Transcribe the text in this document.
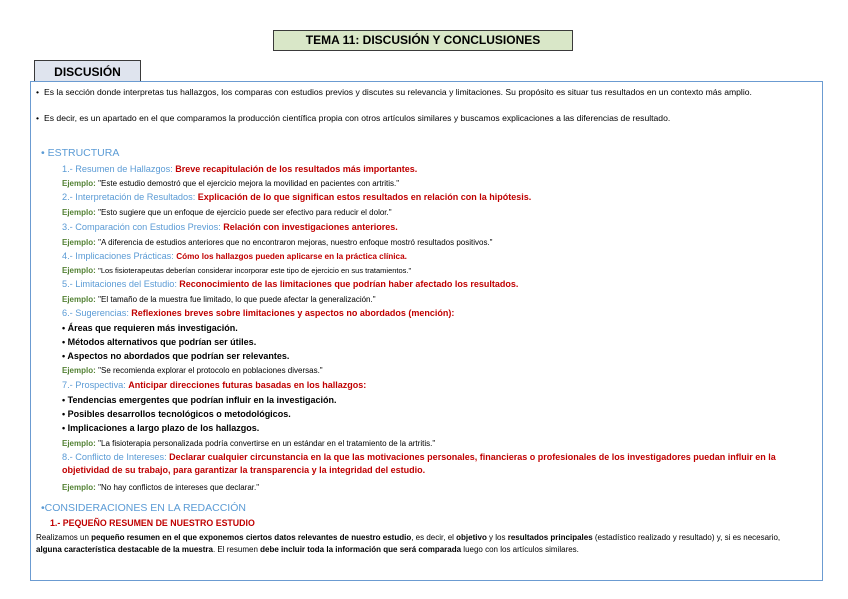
TEMA 11: DISCUSIÓN Y CONCLUSIONES
DISCUSIÓN
• Es la sección donde interpretas tus hallazgos, los comparas con estudios previos y discutes su relevancia y limitaciones. Su propósito es situar tus resultados en un contexto más amplio.
• Es decir, es un apartado en el que comparamos la producción científica propia con otros artículos similares y buscamos explicaciones a las diferencias de resultado.
• ESTRUCTURA
1.- Resumen de Hallazgos: Breve recapitulación de los resultados más importantes.
Ejemplo: "Este estudio demostró que el ejercicio mejora la movilidad en pacientes con artritis."
2.- Interpretación de Resultados: Explicación de lo que significan estos resultados en relación con la hipótesis.
Ejemplo: "Esto sugiere que un enfoque de ejercicio puede ser efectivo para reducir el dolor."
3.- Comparación con Estudios Previos: Relación con investigaciones anteriores.
Ejemplo: "A diferencia de estudios anteriores que no encontraron mejoras, nuestro enfoque mostró resultados positivos."
4.- Implicaciones Prácticas: Cómo los hallazgos pueden aplicarse en la práctica clínica.
Ejemplo: "Los fisioterapeutas deberían considerar incorporar este tipo de ejercicio en sus tratamientos."
5.- Limitaciones del Estudio: Reconocimiento de las limitaciones que podrían haber afectado los resultados.
Ejemplo: "El tamaño de la muestra fue limitado, lo que puede afectar la generalización."
6.- Sugerencias: Reflexiones breves sobre limitaciones y aspectos no abordados (mención):
• Áreas que requieren más investigación.
• Métodos alternativos que podrían ser útiles.
• Aspectos no abordados que podrían ser relevantes.
Ejemplo: "Se recomienda explorar el protocolo en poblaciones diversas."
7.- Prospectiva: Anticipar direcciones futuras basadas en los hallazgos:
• Tendencias emergentes que podrían influir en la investigación.
• Posibles desarrollos tecnológicos o metodológicos.
• Implicaciones a largo plazo de los hallazgos.
Ejemplo: "La fisioterapia personalizada podría convertirse en un estándar en el tratamiento de la artritis."
8.- Conflicto de Intereses: Declarar cualquier circunstancia en la que las motivaciones personales, financieras o profesionales de los investigadores puedan influir en la objetividad de su trabajo, para garantizar la transparencia y la integridad del estudio.
Ejemplo: "No hay conflictos de intereses que declarar."
•CONSIDERACIONES EN LA REDACCIÓN
1.- PEQUEÑO RESUMEN DE NUESTRO ESTUDIO
Realizamos un pequeño resumen en el que exponemos ciertos datos relevantes de nuestro estudio, es decir, el objetivo y los resultados principales (estadístico realizado y resultado) y, si es necesario, alguna característica destacable de la muestra. El resumen debe incluir toda la información que será comparada luego con los artículos similares.
